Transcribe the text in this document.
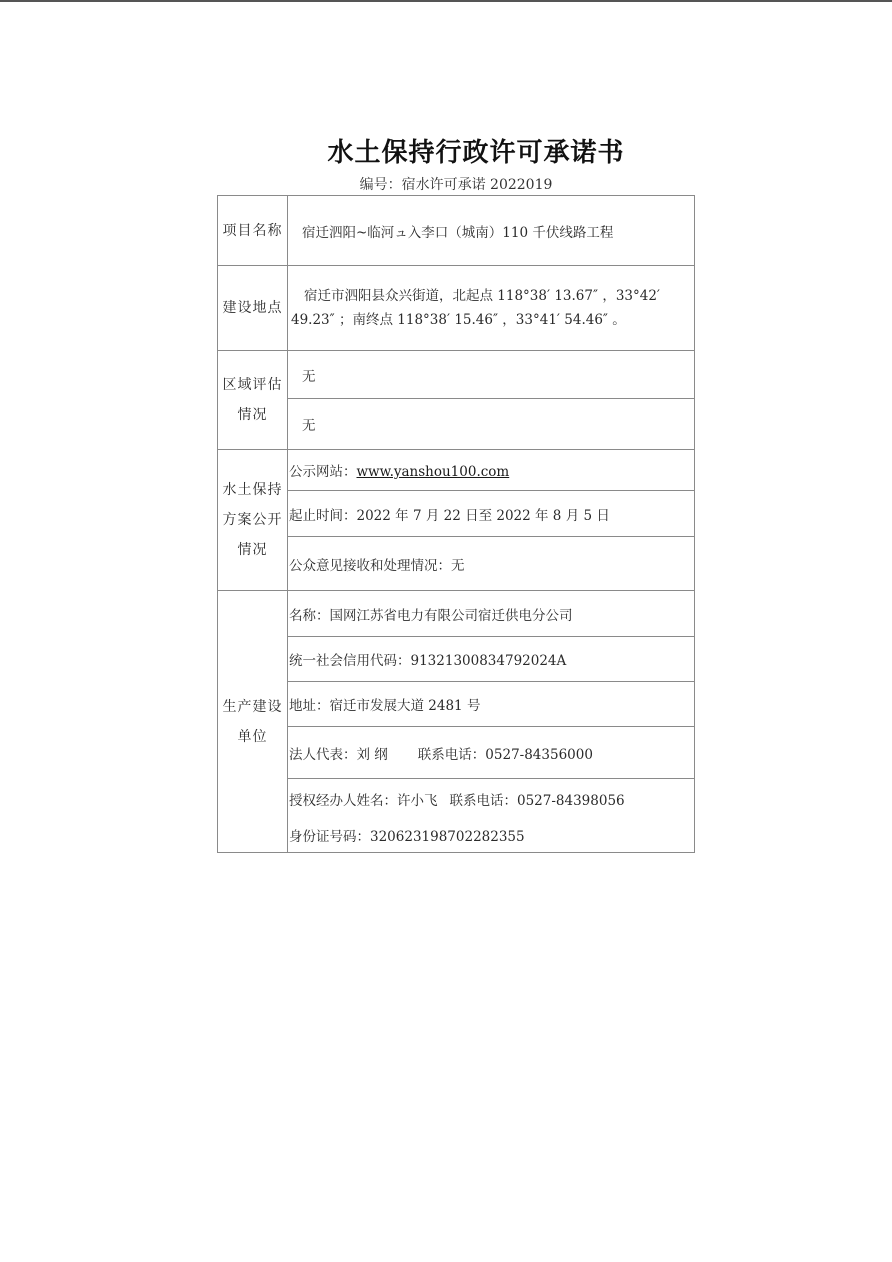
水土保持行政许可承诺书
编号：宿水许可承诺 2022019
项目名称	宿迁泗阳~临河ュ入李口（城南）110 千伏线路工程
建设地点	宿迁市泗阳县众兴街道，北起点 118°38′ 13.67″ ，33°42′
49.23″ ；南终点 118°38′ 15.46″ ，33°41′ 54.46″ 。

区域评估
情况	无
	无

水土保持
方案公开
情况	公示网站：www.yanshou100.com
	起止时间：2022 年 7 月 22 日至 2022 年 8 月 5 日
	公众意见接收和处理情况：无

生产建设
单位	名称：国网江苏省电力有限公司宿迁供电分公司
	统一社会信用代码：91321300834792024A
	地址：宿迁市发展大道 2481 号
	法人代表：刘 纲 联系电话：0527-84356000
	授权经办人姓名：许小飞 联系电话：0527-84398056
	身份证号码：320623198702282355
